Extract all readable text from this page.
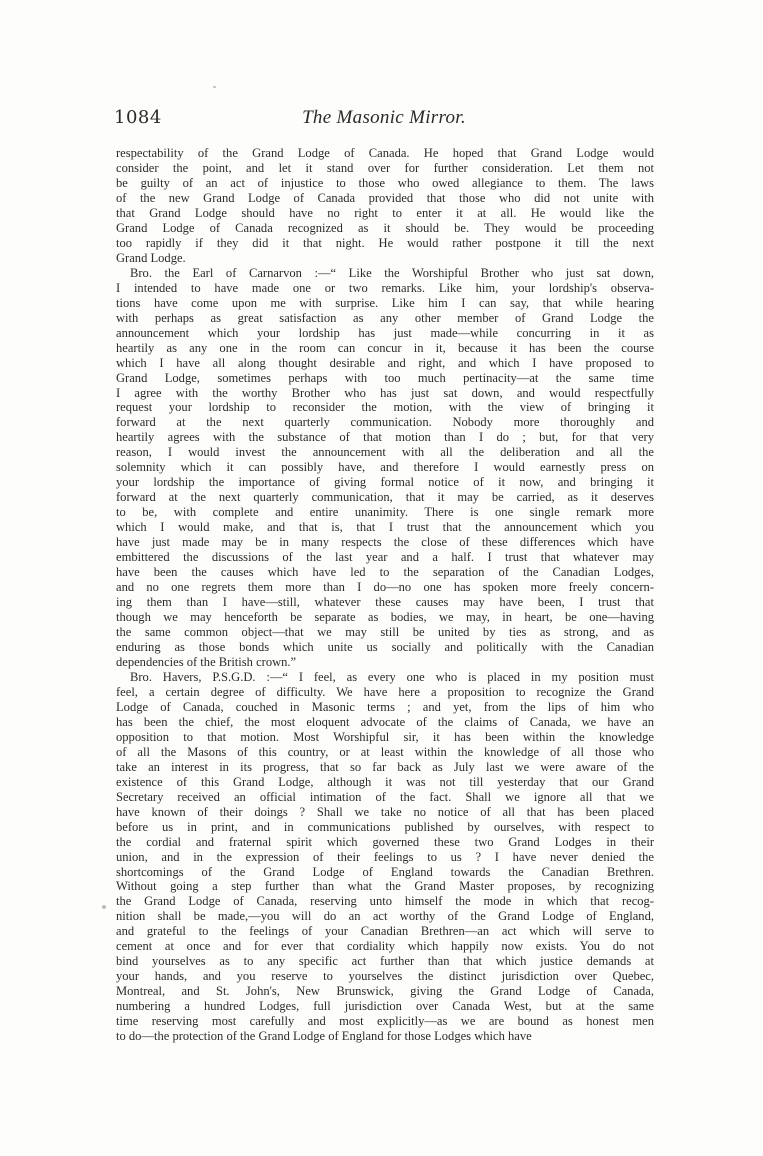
1084	The Masonic Mirror.
respectability of the Grand Lodge of Canada. He hoped that Grand Lodge would
consider the point, and let it stand over for further consideration. Let them not
be guilty of an act of injustice to those who owed allegiance to them. The laws
of the new Grand Lodge of Canada provided that those who did not unite with
that Grand Lodge should have no right to enter it at all. He would like the
Grand Lodge of Canada recognized as it should be. They would be proceeding
too rapidly if they did it that night. He would rather postpone it till the next
Grand Lodge.
Bro. the Earl of Carnarvon :—“ Like the Worshipful Brother who just sat down,
I intended to have made one or two remarks. Like him, your lordship's observa-
tions have come upon me with surprise. Like him I can say, that while hearing
with perhaps as great satisfaction as any other member of Grand Lodge the
announcement which your lordship has just made—while concurring in it as
heartily as any one in the room can concur in it, because it has been the course
which I have all along thought desirable and right, and which I have proposed to
Grand Lodge, sometimes perhaps with too much pertinacity—at the same time
I agree with the worthy Brother who has just sat down, and would respectfully
request your lordship to reconsider the motion, with the view of bringing it
forward at the next quarterly communication. Nobody more thoroughly and
heartily agrees with the substance of that motion than I do ; but, for that very
reason, I would invest the announcement with all the deliberation and all the
solemnity which it can possibly have, and therefore I would earnestly press on
your lordship the importance of giving formal notice of it now, and bringing it
forward at the next quarterly communication, that it may be carried, as it deserves
to be, with complete and entire unanimity. There is one single remark more
which I would make, and that is, that I trust that the announcement which you
have just made may be in many respects the close of these differences which have
embittered the discussions of the last year and a half. I trust that whatever may
have been the causes which have led to the separation of the Canadian Lodges,
and no one regrets them more than I do—no one has spoken more freely concern-
ing them than I have—still, whatever these causes may have been, I trust that
though we may henceforth be separate as bodies, we may, in heart, be one—having
the same common object—that we may still be united by ties as strong, and as
enduring as those bonds which unite us socially and politically with the Canadian
dependencies of the British crown.”
Bro. Havers, P.S.G.D. :—“ I feel, as every one who is placed in my position must
feel, a certain degree of difficulty. We have here a proposition to recognize the Grand
Lodge of Canada, couched in Masonic terms ; and yet, from the lips of him who
has been the chief, the most eloquent advocate of the claims of Canada, we have an
opposition to that motion. Most Worshipful sir, it has been within the knowledge
of all the Masons of this country, or at least within the knowledge of all those who
take an interest in its progress, that so far back as July last we were aware of the
existence of this Grand Lodge, although it was not till yesterday that our Grand
Secretary received an official intimation of the fact. Shall we ignore all that we
have known of their doings ? Shall we take no notice of all that has been placed
before us in print, and in communications published by ourselves, with respect to
the cordial and fraternal spirit which governed these two Grand Lodges in their
union, and in the expression of their feelings to us ? I have never denied the
shortcomings of the Grand Lodge of England towards the Canadian Brethren.
Without going a step further than what the Grand Master proposes, by recognizing
the Grand Lodge of Canada, reserving unto himself the mode in which that recog-
nition shall be made,—you will do an act worthy of the Grand Lodge of England,
and grateful to the feelings of your Canadian Brethren—an act which will serve to
cement at once and for ever that cordiality which happily now exists. You do not
bind yourselves as to any specific act further than that which justice demands at
your hands, and you reserve to yourselves the distinct jurisdiction over Quebec,
Montreal, and St. John's, New Brunswick, giving the Grand Lodge of Canada,
numbering a hundred Lodges, full jurisdiction over Canada West, but at the same
time reserving most carefully and most explicitly—as we are bound as honest men
to do—the protection of the Grand Lodge of England for those Lodges which have
